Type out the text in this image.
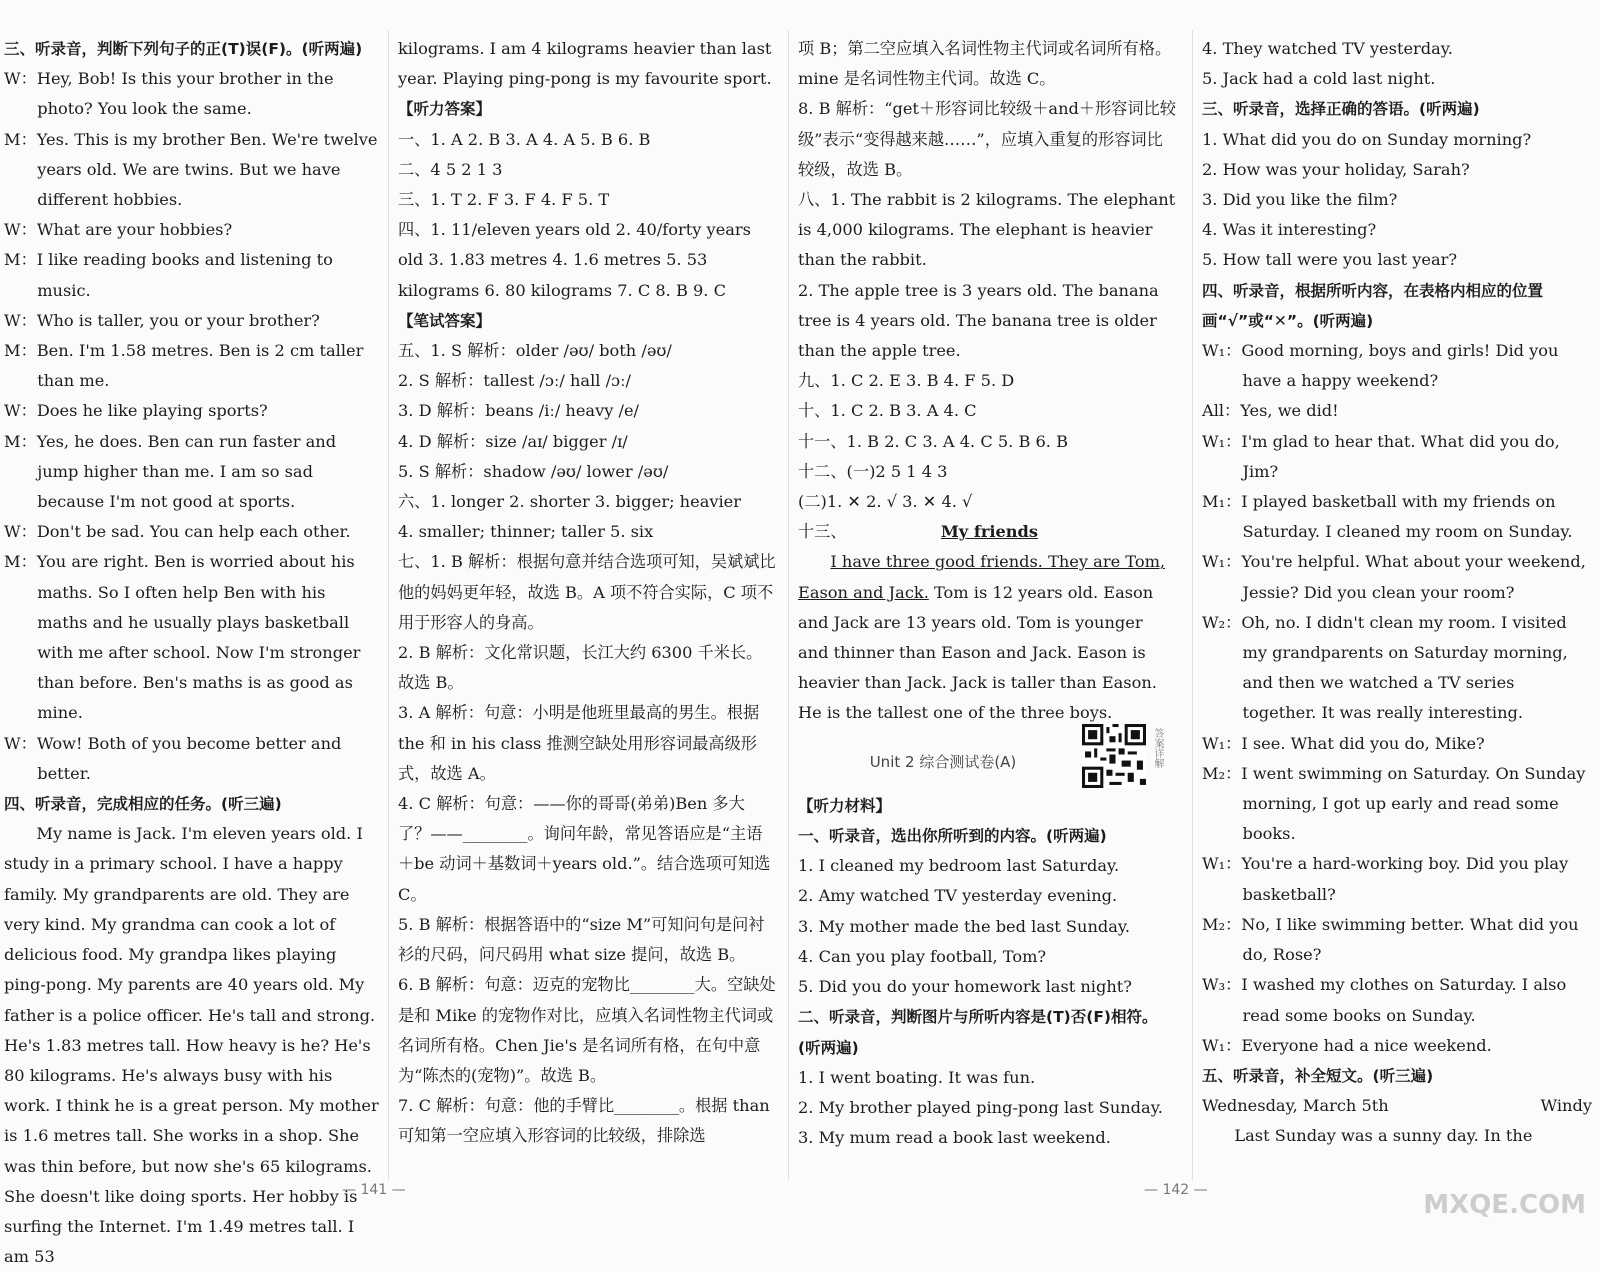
三、听录音，判断下列句子的正(T)误(F)。(听两遍)

W：Hey, Bob! Is this your brother in the photo? You look the same.

M：Yes. This is my brother Ben. We're twelve years old. We are twins. But we have different hobbies.

W：What are your hobbies?

M：I like reading books and listening to music.

W：Who is taller, you or your brother?

M：Ben. I'm 1.58 metres. Ben is 2 cm taller than me.

W：Does he like playing sports?

M：Yes, he does. Ben can run faster and jump higher than me. I am so sad because I'm not good at sports.

W：Don't be sad. You can help each other.

M：You are right. Ben is worried about his maths. So I often help Ben with his maths and he usually plays basketball with me after school. Now I'm stronger than before. Ben's maths is as good as mine.

W：Wow! Both of you become better and better.

四、听录音，完成相应的任务。(听三遍)

My name is Jack. I'm eleven years old. I study in a primary school. I have a happy family. My grandparents are old. They are very kind. My grandma can cook a lot of delicious food. My grandpa likes playing ping-pong. My parents are 40 years old. My father is a police officer. He's tall and strong. He's 1.83 metres tall. How heavy is he? He's 80 kilograms. He's always busy with his work. I think he is a great person. My mother is 1.6 metres tall. She works in a shop. She was thin before, but now she's 65 kilograms. She doesn't like doing sports. Her hobby is surfing the Internet. I'm 1.49 metres tall. I am 53

kilograms. I am 4 kilograms heavier than last year. Playing ping-pong is my favourite sport.

【听力答案】

一、1. A 2. B 3. A 4. A 5. B 6. B

二、4 5 2 1 3

三、1. T 2. F 3. F 4. F 5. T

四、1. 11/eleven years old 2. 40/forty years old 3. 1.83 metres 4. 1.6 metres 5. 53 kilograms 6. 80 kilograms 7. C 8. B 9. C

【笔试答案】

五、1. S 解析：older /əʊ/ both /əʊ/

2. S 解析：tallest /ɔː/ hall /ɔː/

3. D 解析：beans /iː/ heavy /e/

4. D 解析：size /aɪ/ bigger /ɪ/

5. S 解析：shadow /əʊ/ lower /əʊ/

六、1. longer 2. shorter 3. bigger; heavier

4. smaller; thinner; taller 5. six

七、1. B 解析：根据句意并结合选项可知，吴斌斌比他的妈妈更年轻，故选 B。A 项不符合实际，C 项不用于形容人的身高。

2. B 解析：文化常识题，长江大约 6300 千米长。故选 B。

3. A 解析：句意：小明是他班里最高的男生。根据 the 和 in his class 推测空缺处用形容词最高级形式，故选 A。

4. C 解析：句意：——你的哥哥(弟弟)Ben 多大了？——________。询问年龄，常见答语应是“主语＋be 动词＋基数词＋years old.”。结合选项可知选 C。

5. B 解析：根据答语中的“size M”可知问句是问衬衫的尺码，问尺码用 what size 提问，故选 B。

6. B 解析：句意：迈克的宠物比________大。空缺处是和 Mike 的宠物作对比，应填入名词性物主代词或名词所有格。Chen Jie's 是名词所有格，在句中意为“陈杰的(宠物)”。故选 B。

7. C 解析：句意：他的手臂比________。根据 than 可知第一空应填入形容词的比较级，排除选

项 B；第二空应填入名词性物主代词或名词所有格。mine 是名词性物主代词。故选 C。

8. B 解析：“get＋形容词比较级＋and＋形容词比较级”表示“变得越来越……”，应填入重复的形容词比较级，故选 B。

八、1. The rabbit is 2 kilograms. The elephant is 4,000 kilograms. The elephant is heavier than the rabbit.

2. The apple tree is 3 years old. The banana tree is 4 years old. The banana tree is older than the apple tree.

九、1. C 2. E 3. B 4. F 5. D

十、1. C 2. B 3. A 4. C

十一、1. B 2. C 3. A 4. C 5. B 6. B

十二、(一)2 5 1 4 3

(二)1. ✕ 2. √ 3. ✕ 4. √

十三、	My friends

I have three good friends. They are Tom, Eason and Jack. Tom is 12 years old. Eason and Jack are 13 years old. Tom is younger and thinner than Eason and Jack. Eason is heavier than Jack. Jack is taller than Eason. He is the tallest one of the three boys.

Unit 2 综合测试卷(A)

【听力材料】

一、听录音，选出你所听到的内容。(听两遍)

1. I cleaned my bedroom last Saturday.

2. Amy watched TV yesterday evening.

3. My mother made the bed last Sunday.

4. Can you play football, Tom?

5. Did you do your homework last night?

二、听录音，判断图片与所听内容是(T)否(F)相符。(听两遍)

1. I went boating. It was fun.

2. My brother played ping-pong last Sunday.

3. My mum read a book last weekend.

答案详解

4. They watched TV yesterday.

5. Jack had a cold last night.

三、听录音，选择正确的答语。(听两遍)

1. What did you do on Sunday morning?

2. How was your holiday, Sarah?

3. Did you like the film?

4. Was it interesting?

5. How tall were you last year?

四、听录音，根据所听内容，在表格内相应的位置画“√”或“✕”。(听两遍)

W₁：Good morning, boys and girls! Did you have a happy weekend?

All：Yes, we did!

W₁：I'm glad to hear that. What did you do, Jim?

M₁：I played basketball with my friends on Saturday. I cleaned my room on Sunday.

W₁：You're helpful. What about your weekend, Jessie? Did you clean your room?

W₂：Oh, no. I didn't clean my room. I visited my grandparents on Saturday morning, and then we watched a TV series together. It was really interesting.

W₁：I see. What did you do, Mike?

M₂：I went swimming on Saturday. On Sunday morning, I got up early and read some books.

W₁：You're a hard-working boy. Did you play basketball?

M₂：No, I like swimming better. What did you do, Rose?

W₃：I washed my clothes on Saturday. I also read some books on Sunday.

W₁：Everyone had a nice weekend.

五、听录音，补全短文。(听三遍)

Wednesday, March 5th	Windy

Last Sunday was a sunny day. In the

— 141 —	— 142 —	MXQE.COM
